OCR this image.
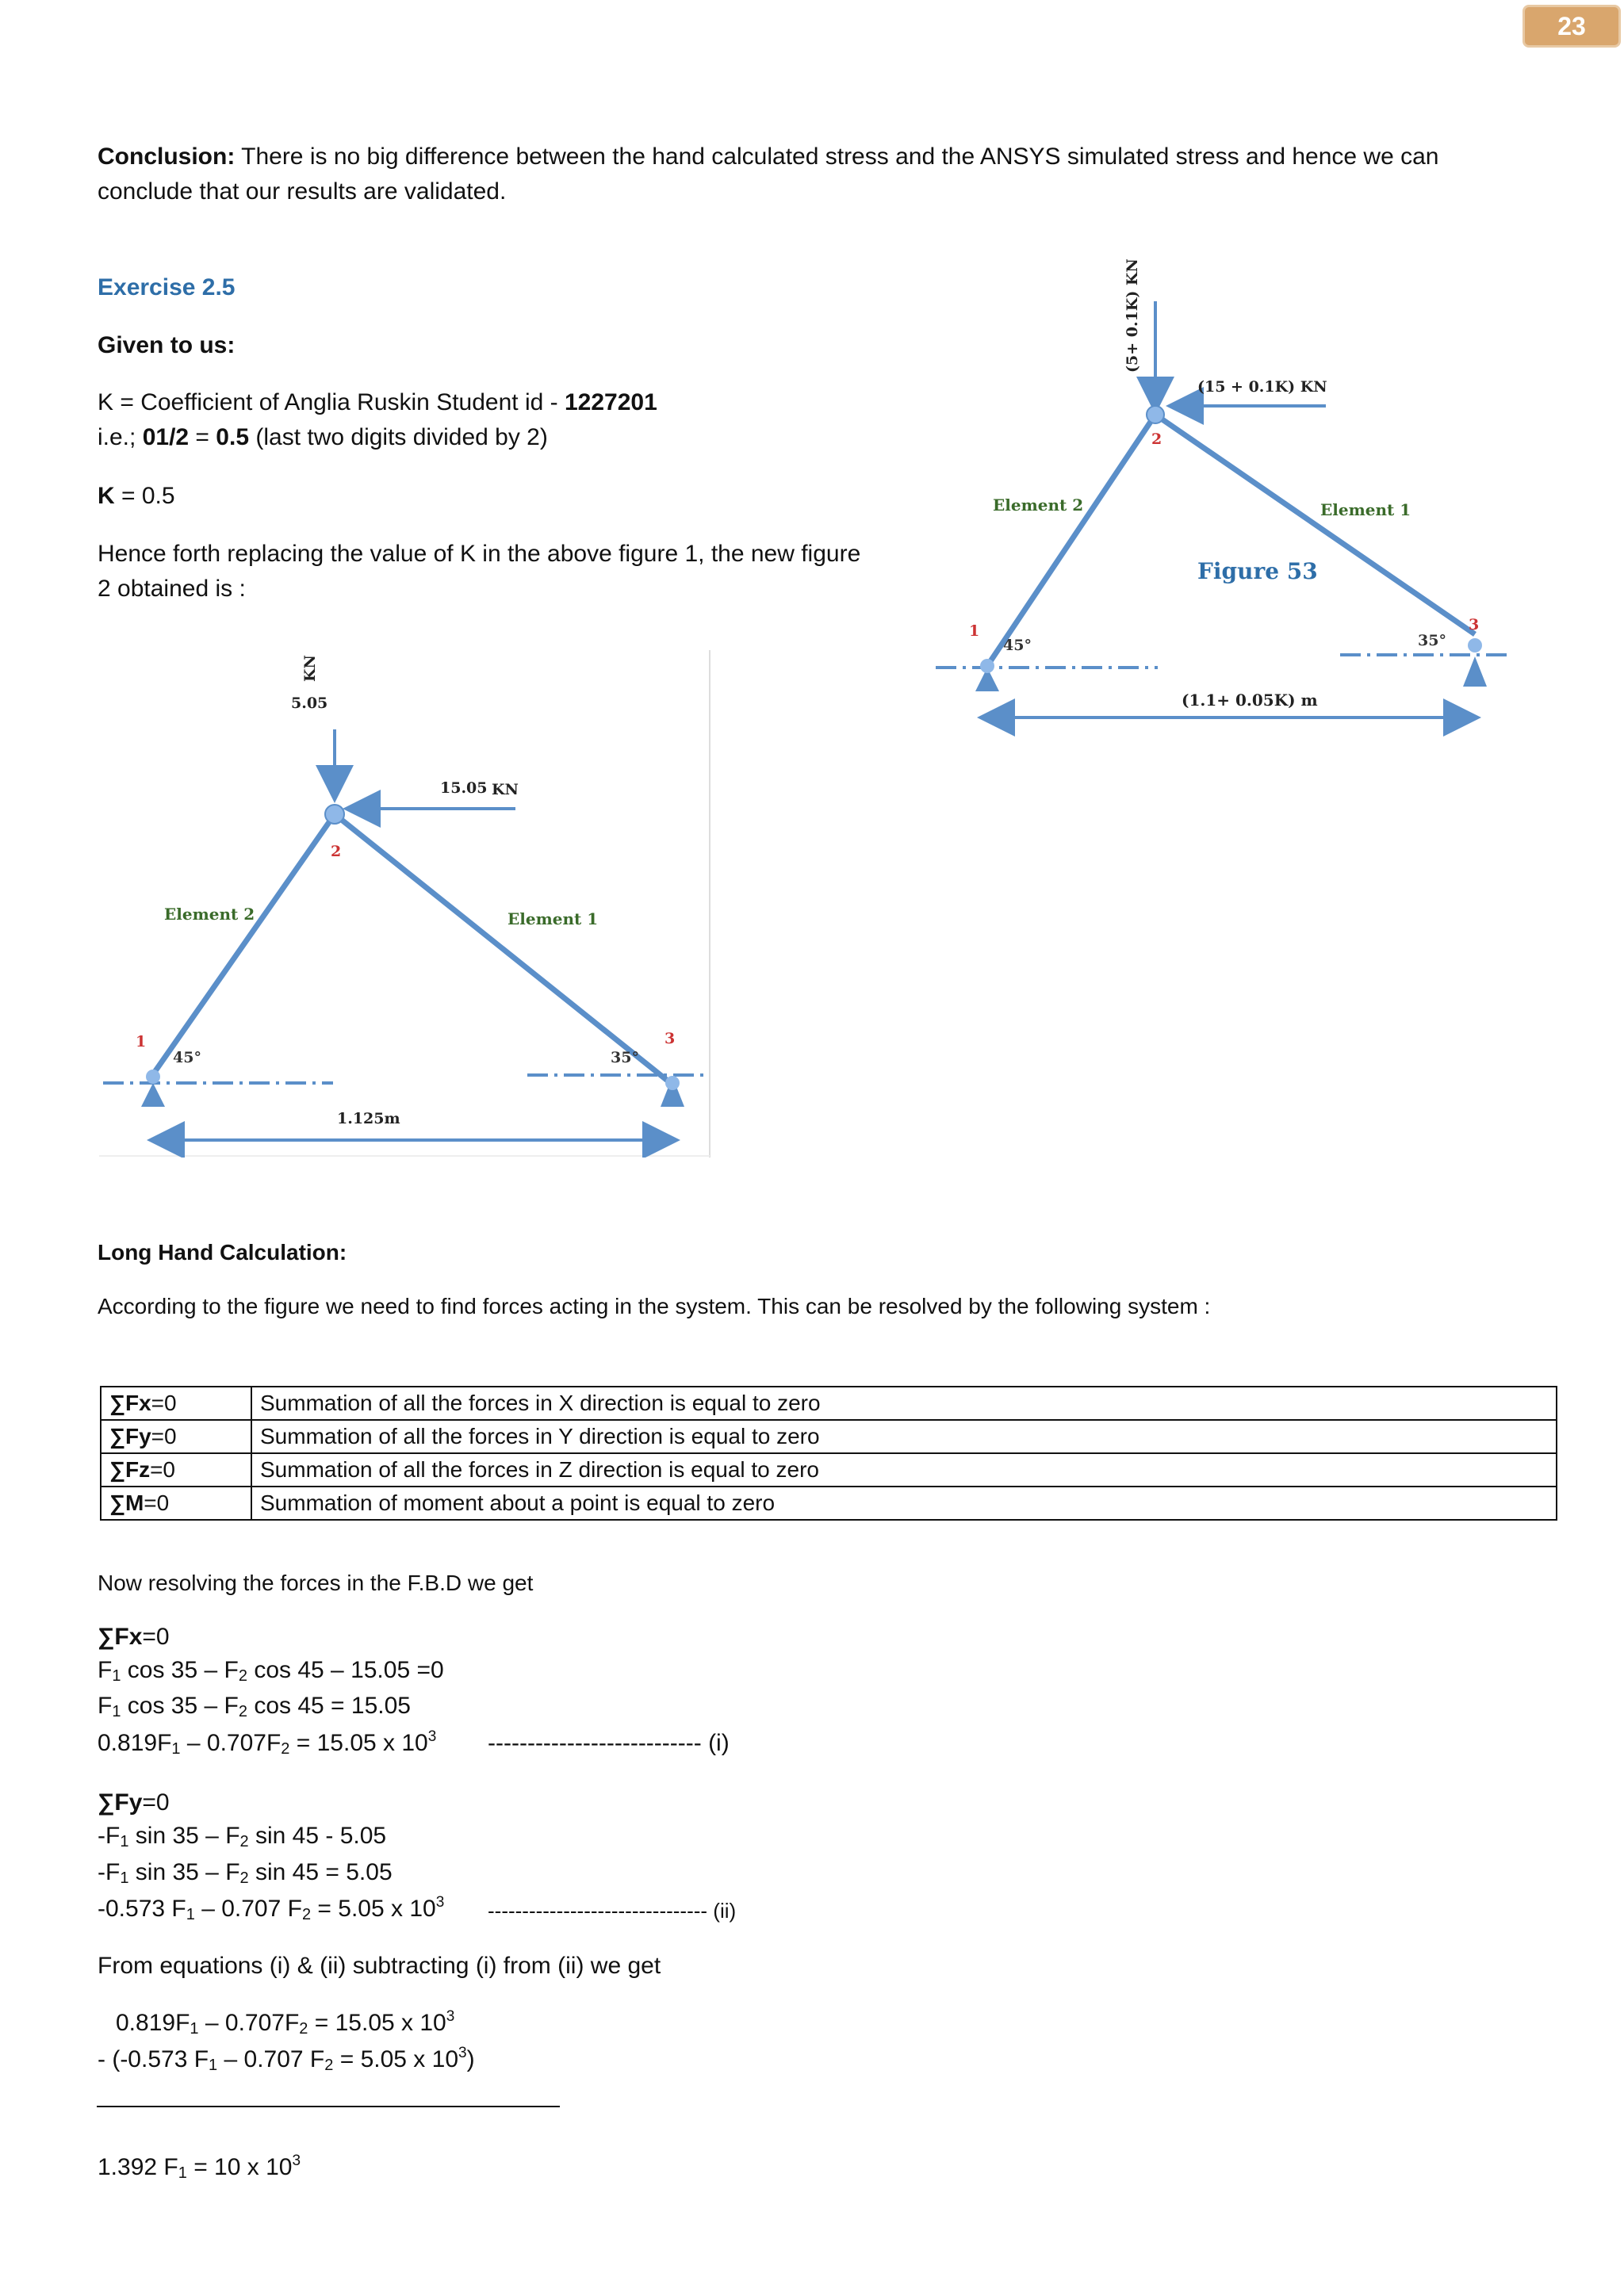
23
Conclusion: There is no big difference between the hand calculated stress and the ANSYS simulated stress and hence we can
conclude that our results are validated.
Exercise 2.5
Given to us:
K = Coefficient of Anglia Ruskin Student id - 1227201
i.e.; 01/2 = 0.5 (last two digits divided by 2)
K = 0.5
Hence forth replacing the value of K in the above figure 1, the new figure
2 obtained is :
(5+ 0.1K) KN
(15 + 0.1K) KN
2
Element 2	Element 1
Figure 53
1
45°
3
35°
(1.1+ 0.05K) m
KN
5.05
15.05 KN
2
Element 2	Element 1
1
45°
3
35°
1.125m
Long Hand Calculation:
According to the figure we need to find forces acting in the system. This can be resolved by the following system :
∑Fx=0	Summation of all the forces in X direction is equal to zero
∑Fy=0	Summation of all the forces in Y direction is equal to zero
∑Fz=0	Summation of all the forces in Z direction is equal to zero
∑M=0	Summation of moment about a point is equal to zero
Now resolving the forces in the F.B.D we get
∑Fx=0
$F_1$ $\cos 35 - F_2$ cos 45 – 15.05 =0
$F_1$ $\cos 35 - F_2$ cos 45 = 15.05
$0.819F_1 - 0.707F_2 = 15.05$ x $10^3$ --------------------------- (i)
∑Fy=0
$-F_1$ $\sin 35 - F_2$ sin 45 - 5.05
$-F_1$ $\sin 35 - F_2$ sin 45 = 5.05
-0.573 $F_1 - 0.707$ $F_2 = 5.05$ x $10^3$ -------------------------------- (ii)
From equations (i) & (ii) subtracting (i) from (ii) we get
$0.819F_1 - 0.707F_2 = 15.05$ x $10^3$
- (-0.573 $F_1 - 0.707$ $F_2 = 5.05$ x $10^3$)
1.392 $F_1 = 10$ x $10^3$
